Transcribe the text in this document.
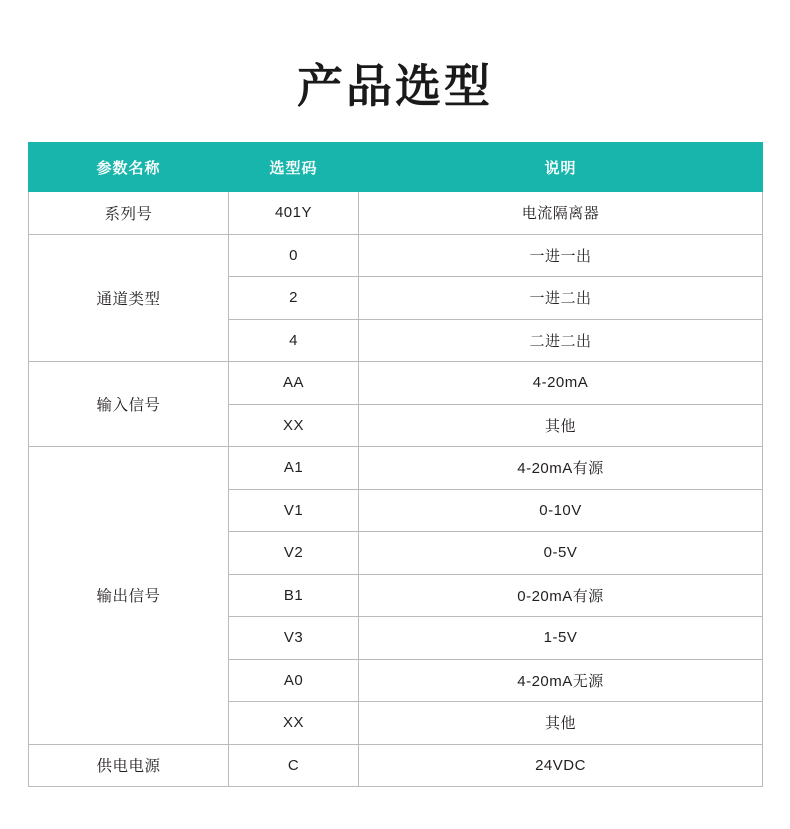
产品选型
参数名称	选型码	说明
系列号	401Y	电流隔离器
通道类型	0	一进一出
	2	一进二出
	4	二进二出
输入信号	AA	4-20mA
	XX	其他
输出信号	A1	4-20mA有源
	V1	0-10V
	V2	0-5V
	B1	0-20mA有源
	V3	1-5V
	A0	4-20mA无源
	XX	其他
供电电源	C	24VDC
